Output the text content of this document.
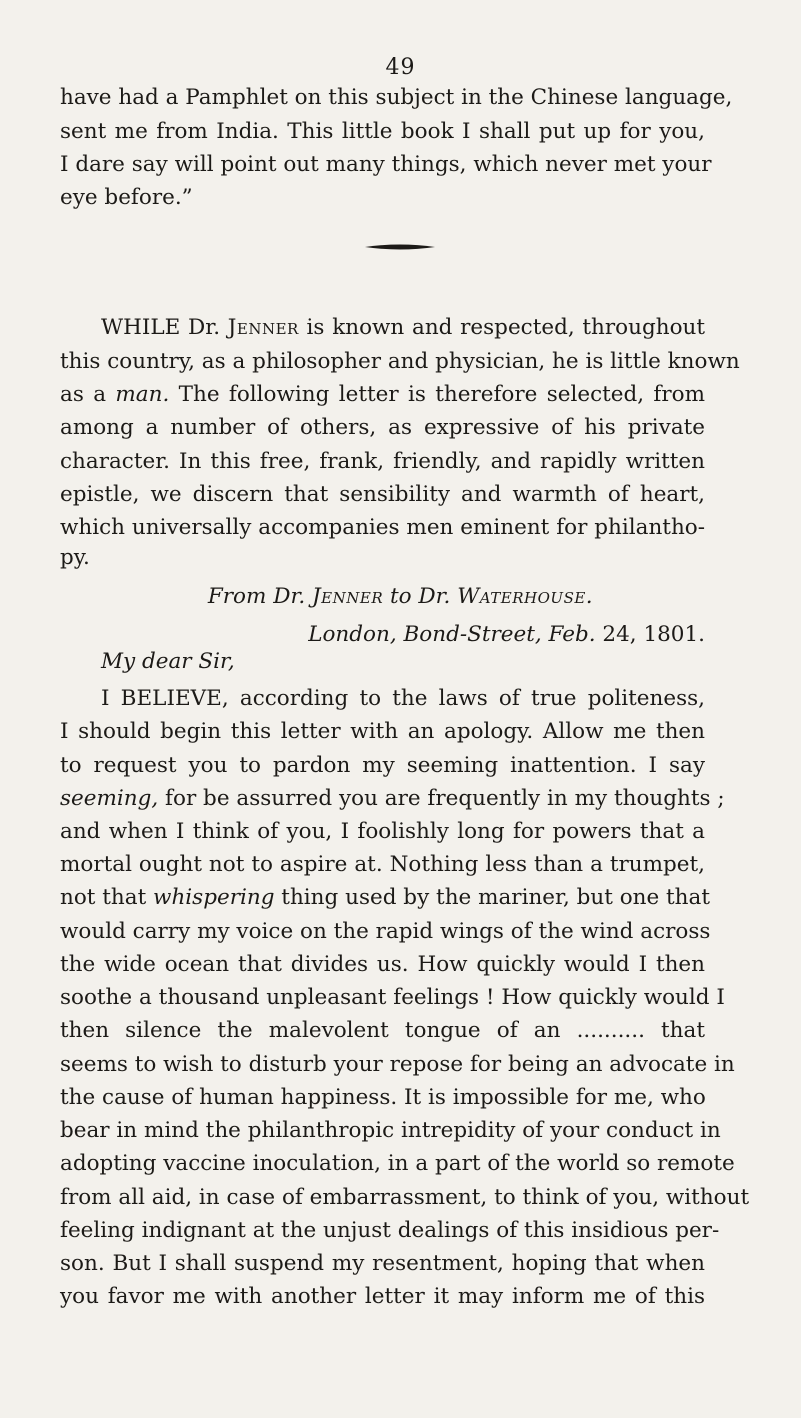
49
have had a Pamphlet on this subject in the Chinese language,
sent me from India. This little book I shall put up for you,
I dare say will point out many things, which never met your
eye before.”
WHILE Dr. Jenner is known and respected, throughout
this country, as a philosopher and physician, he is little known
as a man. The following letter is therefore selected, from
among a number of others, as expressive of his private
character. In this free, frank, friendly, and rapidly written
epistle, we discern that sensibility and warmth of heart,
which universally accompanies men eminent for philantho-
py.
From Dr. Jenner to Dr. Waterhouse.
London, Bond-Street, Feb. 24, 1801.
My dear Sir,
I BELIEVE, according to the laws of true politeness,
I should begin this letter with an apology. Allow me then
to request you to pardon my seeming inattention. I say
seeming, for be assurred you are frequently in my thoughts ;
and when I think of you, I foolishly long for powers that a
mortal ought not to aspire at. Nothing less than a trumpet,
not that whispering thing used by the mariner, but one that
would carry my voice on the rapid wings of the wind across
the wide ocean that divides us. How quickly would I then
soothe a thousand unpleasant feelings ! How quickly would I
then silence the malevolent tongue of an .......... that
seems to wish to disturb your repose for being an advocate in
the cause of human happiness. It is impossible for me, who
bear in mind the philanthropic intrepidity of your conduct in
adopting vaccine inoculation, in a part of the world so remote
from all aid, in case of embarrassment, to think of you, without
feeling indignant at the unjust dealings of this insidious per-
son. But I shall suspend my resentment, hoping that when
you favor me with another letter it may inform me of this
